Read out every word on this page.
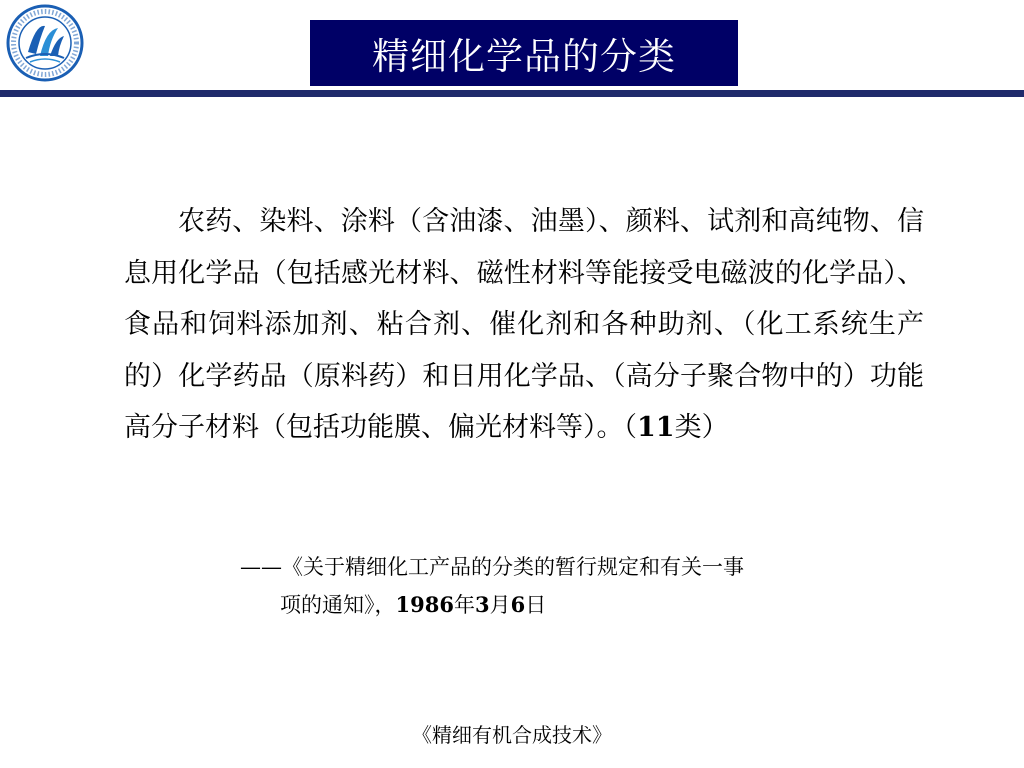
精细化学品的分类

农药、染料、涂料（含油漆、油墨）、颜料、试剂和高纯物、信息用化学品（包括感光材料、磁性材料等能接受电磁波的化学品）、食品和饲料添加剂、粘合剂、催化剂和各种助剂、（化工系统生产的）化学药品（原料药）和日用化学品、（高分子聚合物中的）功能高分子材料（包括功能膜、偏光材料等）。（11类）

——《关于精细化工产品的分类的暂行规定和有关一事
项的通知》，1986年3月6日

《精细有机合成技术》
